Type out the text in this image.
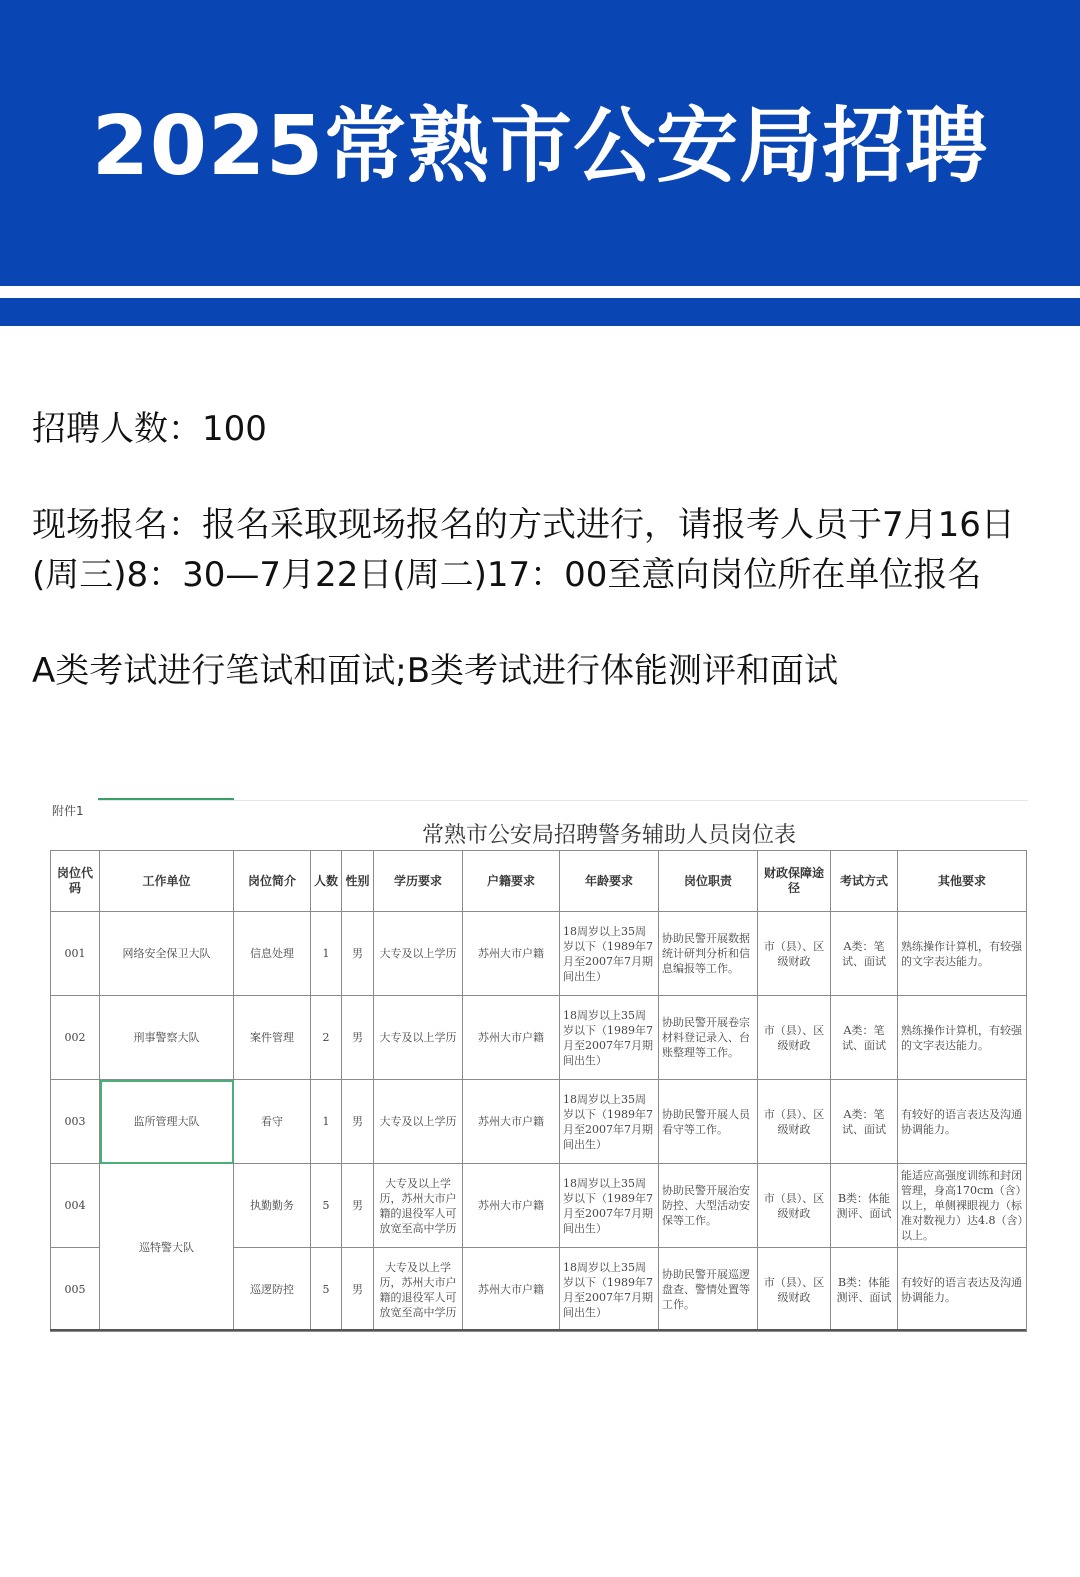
2025常熟市公安局招聘
招聘人数：100
现场报名：报名采取现场报名的方式进行，请报考人员于7月16日(周三)8：30—7月22日(周二)17：00至意向岗位所在单位报名
A类考试进行笔试和面试;B类考试进行体能测评和面试
附件1
常熟市公安局招聘警务辅助人员岗位表
岗位代码	工作单位	岗位简介	人数	性别	学历要求	户籍要求	年龄要求	岗位职责	财政保障途径	考试方式	其他要求
001	网络安全保卫大队	信息处理	1	男	大专及以上学历	苏州大市户籍	18周岁以上35周岁以下（1989年7月至2007年7月期间出生）	协助民警开展数据统计研判分析和信息编报等工作。	市（县）、区级财政	A类：笔试、面试	熟练操作计算机，有较强的文字表达能力。
002	刑事警察大队	案件管理	2	男	大专及以上学历	苏州大市户籍	18周岁以上35周岁以下（1989年7月至2007年7月期间出生）	协助民警开展卷宗材料登记录入、台账整理等工作。	市（县）、区级财政	A类：笔试、面试	熟练操作计算机，有较强的文字表达能力。
003	监所管理大队	看守	1	男	大专及以上学历	苏州大市户籍	18周岁以上35周岁以下（1989年7月至2007年7月期间出生）	协助民警开展人员看守等工作。	市（县）、区级财政	A类：笔试、面试	有较好的语言表达及沟通协调能力。
004	巡特警大队	执勤勤务	5	男	大专及以上学历，苏州大市户籍的退役军人可放宽至高中学历	苏州大市户籍	18周岁以上35周岁以下（1989年7月至2007年7月期间出生）	协助民警开展治安防控、大型活动安保等工作。	市（县）、区级财政	B类：体能测评、面试	能适应高强度训练和封闭管理，身高170cm（含）以上，单侧裸眼视力（标准对数视力）达4.8（含）以上。
005		巡逻防控	5	男	大专及以上学历，苏州大市户籍的退役军人可放宽至高中学历	苏州大市户籍	18周岁以上35周岁以下（1989年7月至2007年7月期间出生）	协助民警开展巡逻盘查、警情处置等工作。	市（县）、区级财政	B类：体能测评、面试	有较好的语言表达及沟通协调能力。
